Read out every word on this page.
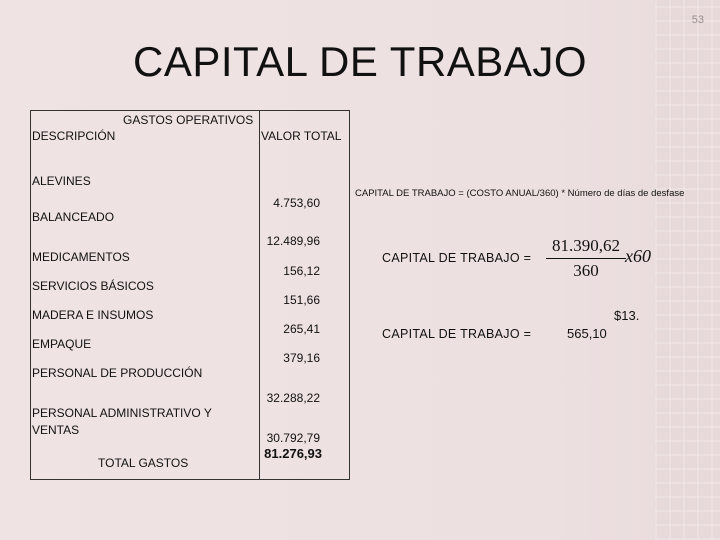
53
CAPITAL DE TRABAJO
GASTOS OPERATIVOS
DESCRIPCIÓN	VALOR TOTAL
ALEVINES
4.753,60
BALANCEADO
12.489,96
MEDICAMENTOS
156,12
SERVICIOS BÁSICOS
151,66
MADERA E INSUMOS
265,41
EMPAQUE
379,16
PERSONAL DE PRODUCCIÓN
32.288,22
PERSONAL ADMINISTRATIVO Y
VENTAS
30.792,79
TOTAL GASTOS
81.276,93
CAPITAL DE TRABAJO = (COSTO ANUAL/360) * Número de días de desfase
CAPITAL DE TRABAJO =
81.390,62
360
x60
CAPITAL DE TRABAJO =
$13.
565,10
